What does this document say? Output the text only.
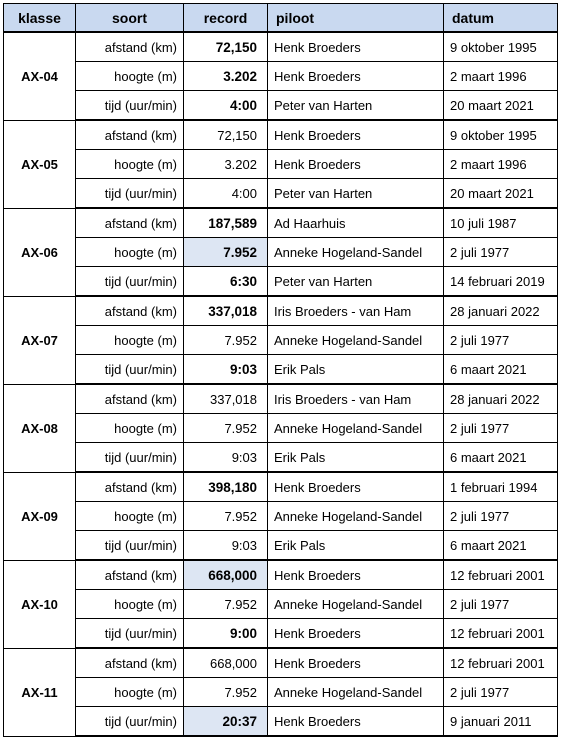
klasse	soort	record	piloot	datum
AX-04	afstand (km)	72,150	Henk Broeders	9 oktober 1995
	hoogte (m)	3.202	Henk Broeders	2 maart 1996
	tijd (uur/min)	4:00	Peter van Harten	20 maart 2021
AX-05	afstand (km)	72,150	Henk Broeders	9 oktober 1995
	hoogte (m)	3.202	Henk Broeders	2 maart 1996
	tijd (uur/min)	4:00	Peter van Harten	20 maart 2021
AX-06	afstand (km)	187,589	Ad Haarhuis	10 juli 1987
	hoogte (m)	7.952	Anneke Hogeland-Sandel	2 juli 1977
	tijd (uur/min)	6:30	Peter van Harten	14 februari 2019
AX-07	afstand (km)	337,018	Iris Broeders - van Ham	28 januari 2022
	hoogte (m)	7.952	Anneke Hogeland-Sandel	2 juli 1977
	tijd (uur/min)	9:03	Erik Pals	6 maart 2021
AX-08	afstand (km)	337,018	Iris Broeders - van Ham	28 januari 2022
	hoogte (m)	7.952	Anneke Hogeland-Sandel	2 juli 1977
	tijd (uur/min)	9:03	Erik Pals	6 maart 2021
AX-09	afstand (km)	398,180	Henk Broeders	1 februari 1994
	hoogte (m)	7.952	Anneke Hogeland-Sandel	2 juli 1977
	tijd (uur/min)	9:03	Erik Pals	6 maart 2021
AX-10	afstand (km)	668,000	Henk Broeders	12 februari 2001
	hoogte (m)	7.952	Anneke Hogeland-Sandel	2 juli 1977
	tijd (uur/min)	9:00	Henk Broeders	12 februari 2001
AX-11	afstand (km)	668,000	Henk Broeders	12 februari 2001
	hoogte (m)	7.952	Anneke Hogeland-Sandel	2 juli 1977
	tijd (uur/min)	20:37	Henk Broeders	9 januari 2011
